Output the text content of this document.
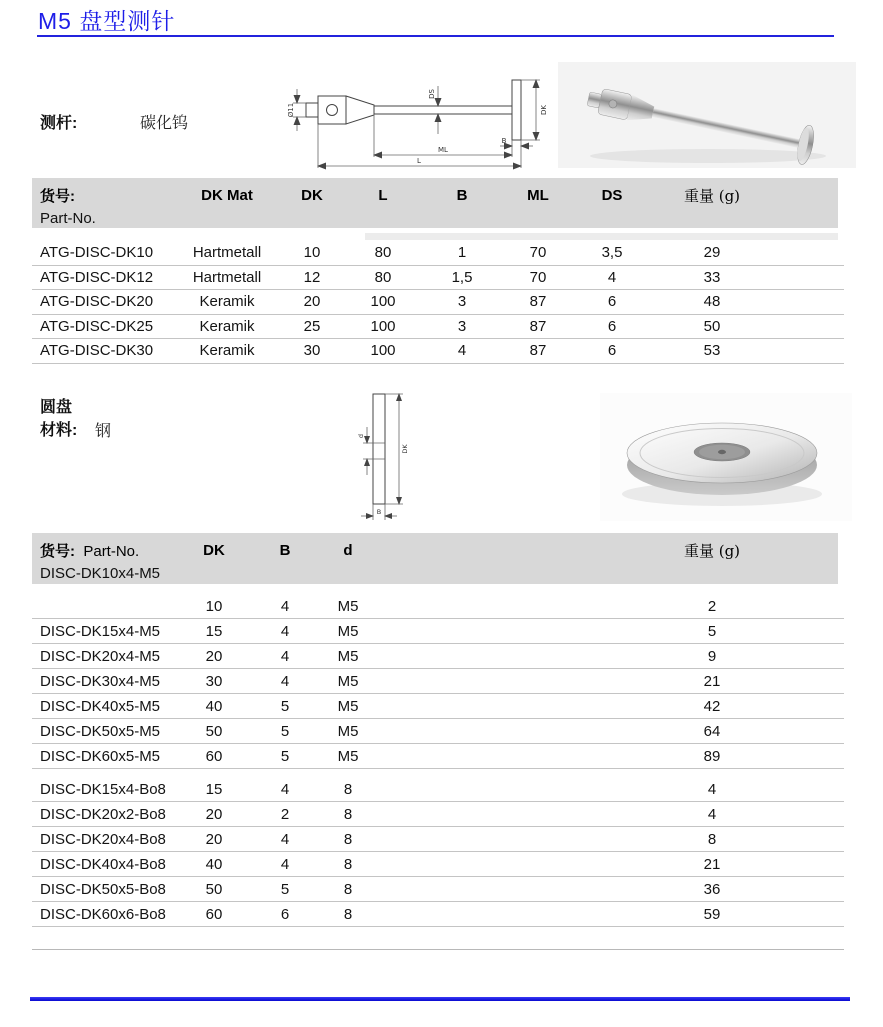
M5 盘型测针
测杆:	碳化钨
Ø11
DS
DK
B
ML
L
货号:	DK Mat	DK	L	B	ML	DS	重量 (g)
Part-No.
ATG-DISC-DK10	Hartmetall	10	80	1	70	3,5	29
ATG-DISC-DK12	Hartmetall	12	80	1,5	70	4	33
ATG-DISC-DK20	Keramik	20	100	3	87	6	48
ATG-DISC-DK25	Keramik	25	100	3	87	6	50
ATG-DISC-DK30	Keramik	30	100	4	87	6	53
圆盘
材料: 钢	d
DK
B
货号: Part-No.	DK	B	d	重量 (g)
DISC-DK10x4-M5
10	4	M5	2
DISC-DK15x4-M5	15	4	M5	5
DISC-DK20x4-M5	20	4	M5	9
DISC-DK30x4-M5	30	4	M5	21
DISC-DK40x5-M5	40	5	M5	42
DISC-DK50x5-M5	50	5	M5	64
DISC-DK60x5-M5	60	5	M5	89
DISC-DK15x4-Bo8	15	4	8	4
DISC-DK20x2-Bo8	20	2	8	4
DISC-DK20x4-Bo8	20	4	8	8
DISC-DK40x4-Bo8	40	4	8	21
DISC-DK50x5-Bo8	50	5	8	36
DISC-DK60x6-Bo8	60	6	8	59
